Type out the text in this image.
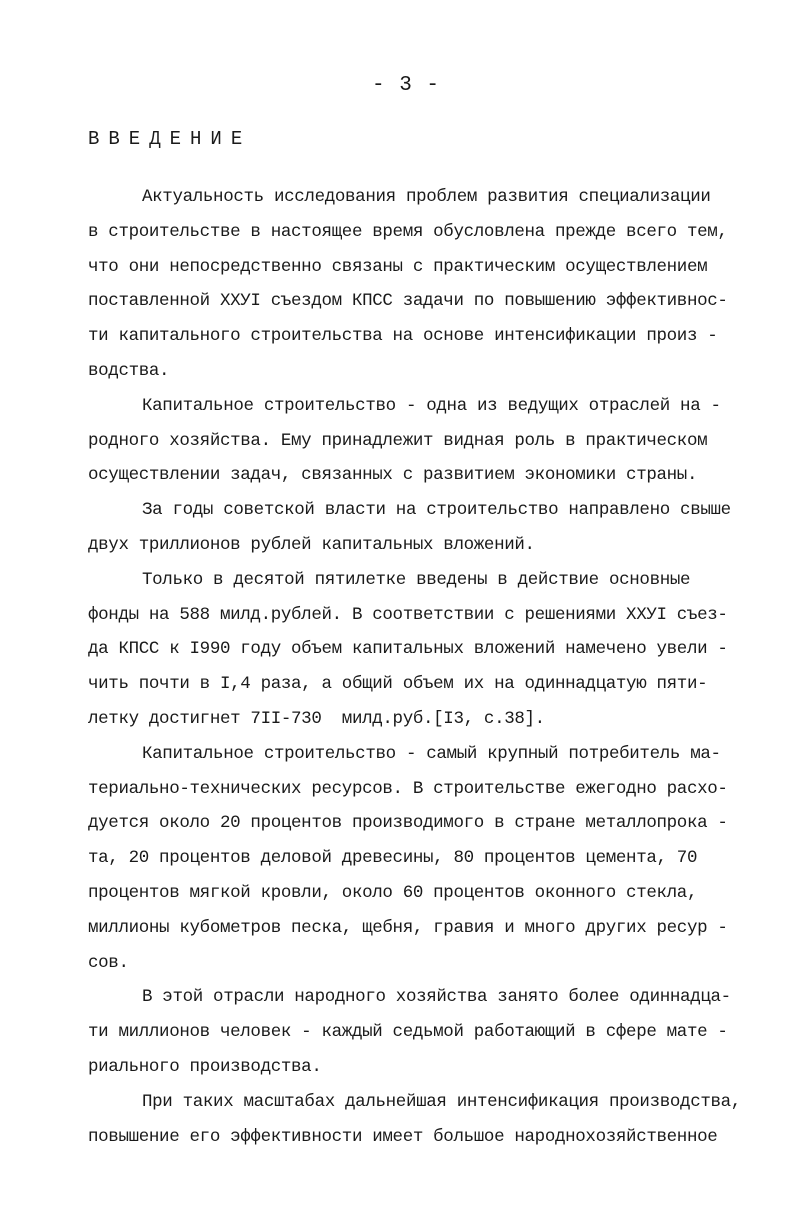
- 3 -
ВВЕДЕНИЕ
Актуальность исследования проблем развития специализации
в строительстве в настоящее время обусловлена прежде всего тем,
что они непосредственно связаны с практическим осуществлением
поставленной XXУI съездом КПСС задачи по повышению эффективнос-
ти капитального строительства на основе интенсификации произ -
водства.
Капитальное строительство - одна из ведущих отраслей на -
родного хозяйства. Ему принадлежит видная роль в практическом
осуществлении задач, связанных с развитием экономики страны.
За годы советской власти на строительство направлено свыше
двух триллионов рублей капитальных вложений.
Только в десятой пятилетке введены в действие основные
фонды на 588 милд.рублей. В соответствии с решениями XXУI съез-
да КПСС к I990 году объем капитальных вложений намечено увели -
чить почти в I,4 раза, а общий объем их на одиннадцатую пяти-
летку достигнет 7II-730  милд.руб.[I3, с.38].
Капитальное строительство - самый крупный потребитель ма-
териально-технических ресурсов. В строительстве ежегодно расхо-
дуется около 20 процентов производимого в стране металлопрока -
та, 20 процентов деловой древесины, 80 процентов цемента, 70
процентов мягкой кровли, около 60 процентов оконного стекла,
миллионы кубометров песка, щебня, гравия и много других ресур -
сов.
В этой отрасли народного хозяйства занято более одиннадца-
ти миллионов человек - каждый седьмой работающий в сфере мате -
риального производства.
При таких масштабах дальнейшая интенсификация производства,
повышение его эффективности имеет большое народнохозяйственное
